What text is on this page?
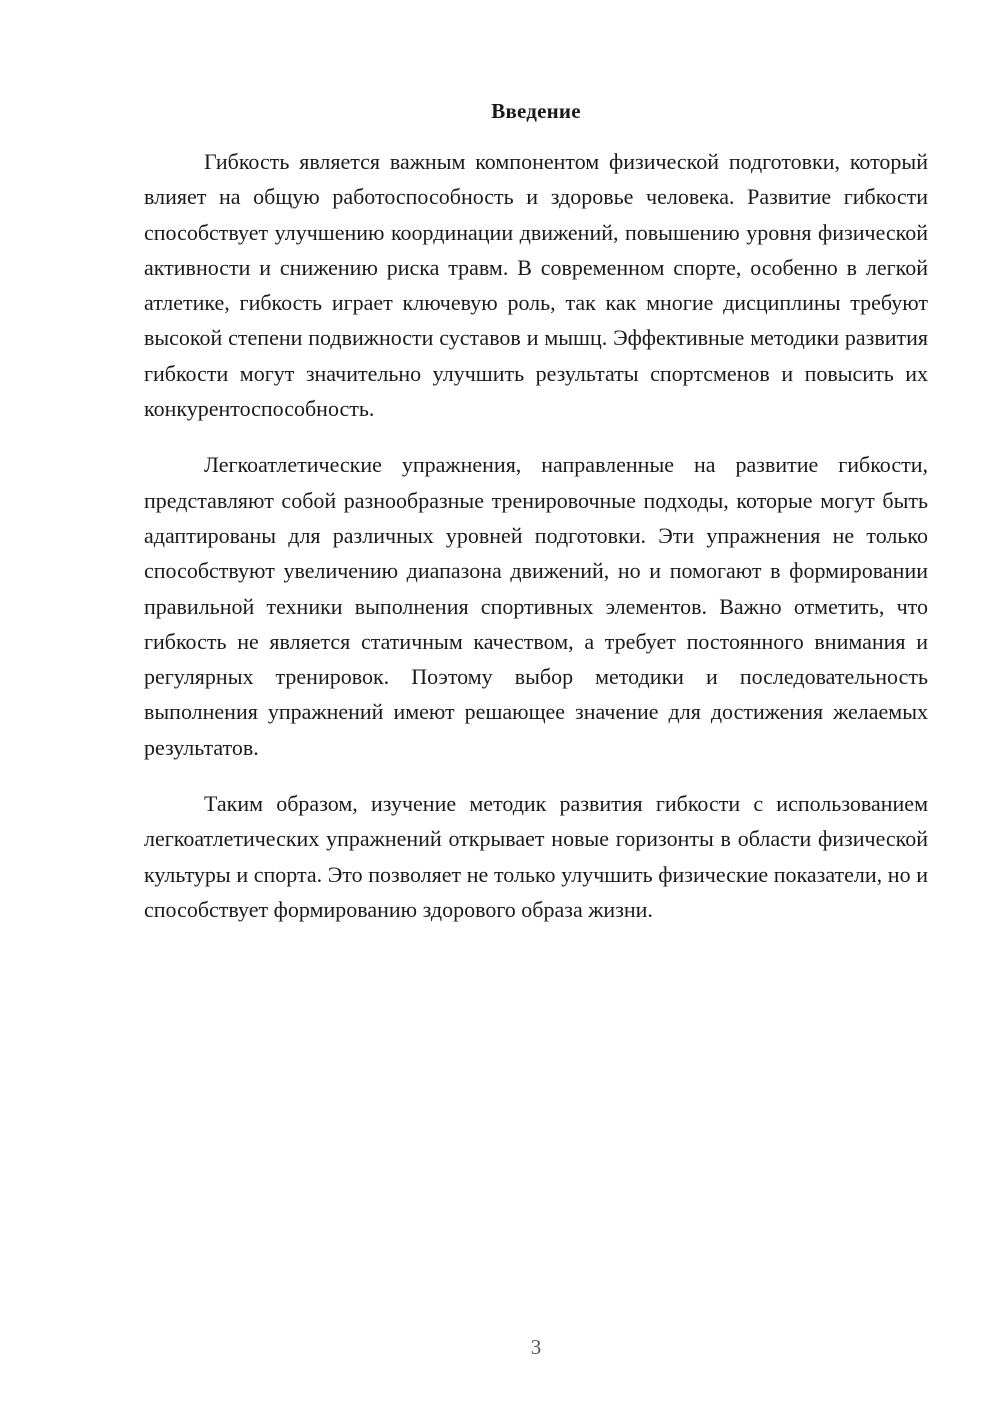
Введение

Гибкость является важным компонентом физической подготовки, который влияет на общую работоспособность и здоровье человека. Развитие гибкости способствует улучшению координации движений, повышению уровня физической активности и снижению риска травм. В современном спорте, особенно в легкой атлетике, гибкость играет ключевую роль, так как многие дисциплины требуют высокой степени подвижности суставов и мышц. Эффективные методики развития гибкости могут значительно улучшить результаты спортсменов и повысить их конкурентоспособность.

Легкоатлетические упражнения, направленные на развитие гибкости, представляют собой разнообразные тренировочные подходы, которые могут быть адаптированы для различных уровней подготовки. Эти упражнения не только способствуют увеличению диапазона движений, но и помогают в формировании правильной техники выполнения спортивных элементов. Важно отметить, что гибкость не является статичным качеством, а требует постоянного внимания и регулярных тренировок. Поэтому выбор методики и последовательность выполнения упражнений имеют решающее значение для достижения желаемых результатов.

Таким образом, изучение методик развития гибкости с использованием легкоатлетических упражнений открывает новые горизонты в области физической культуры и спорта. Это позволяет не только улучшить физические показатели, но и способствует формированию здорового образа жизни.

3
